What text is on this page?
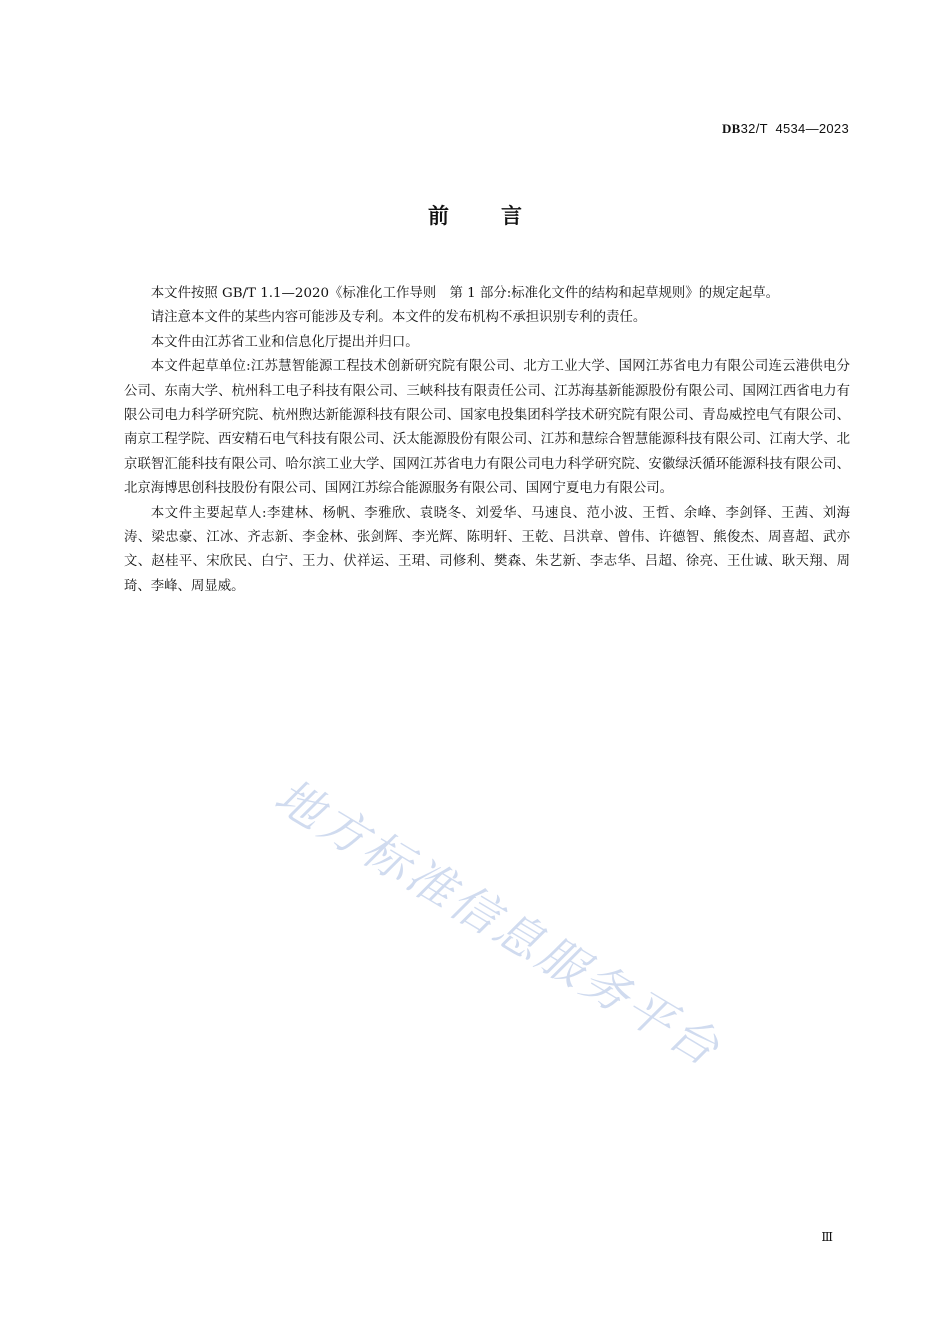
DB32/T  4534—2023
前言

本文件按照 GB/T 1.1—2020《标准化工作导则　第 1 部分:标准化文件的结构和起草规则》的规定起草。

请注意本文件的某些内容可能涉及专利。本文件的发布机构不承担识别专利的责任。

本文件由江苏省工业和信息化厅提出并归口。

本文件起草单位:江苏慧智能源工程技术创新研究院有限公司、北方工业大学、国网江苏省电力有限公司连云港供电分公司、东南大学、杭州科工电子科技有限公司、三峡科技有限责任公司、江苏海基新能源股份有限公司、国网江西省电力有限公司电力科学研究院、杭州煦达新能源科技有限公司、国家电投集团科学技术研究院有限公司、青岛威控电气有限公司、南京工程学院、西安精石电气科技有限公司、沃太能源股份有限公司、江苏和慧综合智慧能源科技有限公司、江南大学、北京联智汇能科技有限公司、哈尔滨工业大学、国网江苏省电力有限公司电力科学研究院、安徽绿沃循环能源科技有限公司、北京海博思创科技股份有限公司、国网江苏综合能源服务有限公司、国网宁夏电力有限公司。

本文件主要起草人:李建林、杨帆、李雅欣、袁晓冬、刘爱华、马速良、范小波、王哲、余峰、李剑铎、王茜、刘海涛、梁忠豪、江冰、齐志新、李金林、张剑辉、李光辉、陈明轩、王乾、吕洪章、曾伟、许德智、熊俊杰、周喜超、武亦文、赵桂平、宋欣民、白宁、王力、伏祥运、王珺、司修利、樊森、朱艺新、李志华、吕超、徐亮、王仕诚、耿天翔、周琦、李峰、周显威。

地方标准信息服务平台
Ⅲ
